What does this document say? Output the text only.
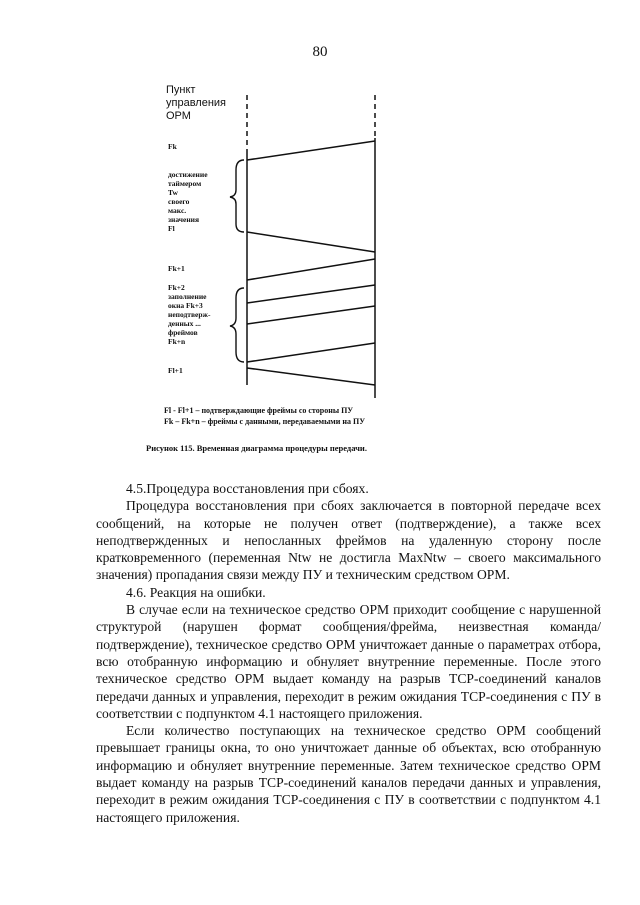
80
Пункт
управления
ОРМ
Fk
достижение
таймером
Tw
своего
макс.
значения
Fl
Fk+1
Fk+2
заполнение
окна Fk+3
неподтверж-
денных ...
фреймов
Fk+n
Fl+1
Fl - Fl+1 – подтверждающие фреймы со стороны ПУ
Fk – Fk+n – фреймы с данными, передаваемыми на ПУ
Рисунок 115. Временная диаграмма процедуры передачи.

4.5.Процедура восстановления при сбоях.

Процедура восстановления при сбоях заключается в повторной передаче всех сообщений, на которые не получен ответ (подтверждение), а также всех неподтвержденных и непосланных фреймов на удаленную сторону после кратковременного (переменная Ntw не достигла MaxNtw – своего максимального значения) пропадания связи между ПУ и техническим средством ОРМ.

4.6. Реакция на ошибки.

В случае если на техническое средство ОРМ приходит сообщение с нарушенной структурой (нарушен формат сообщения/фрейма, неизвестная команда/подтверждение), техническое средство ОРМ уничтожает данные о параметрах отбора, всю отобранную информацию и обнуляет внутренние переменные. После этого техническое средство ОРМ выдает команду на разрыв TCP-соединений каналов передачи данных и управления, переходит в режим ожидания TCP-соединения с ПУ в соответствии с подпунктом 4.1 настоящего приложения.

Если количество поступающих на техническое средство ОРМ сообщений превышает границы окна, то оно уничтожает данные об объектах, всю отобранную информацию и обнуляет внутренние переменные. Затем техническое средство ОРМ выдает команду на разрыв TCP-соединений каналов передачи данных и управления, переходит в режим ожидания TCP-соединения с ПУ в соответствии с подпунктом 4.1 настоящего приложения.
